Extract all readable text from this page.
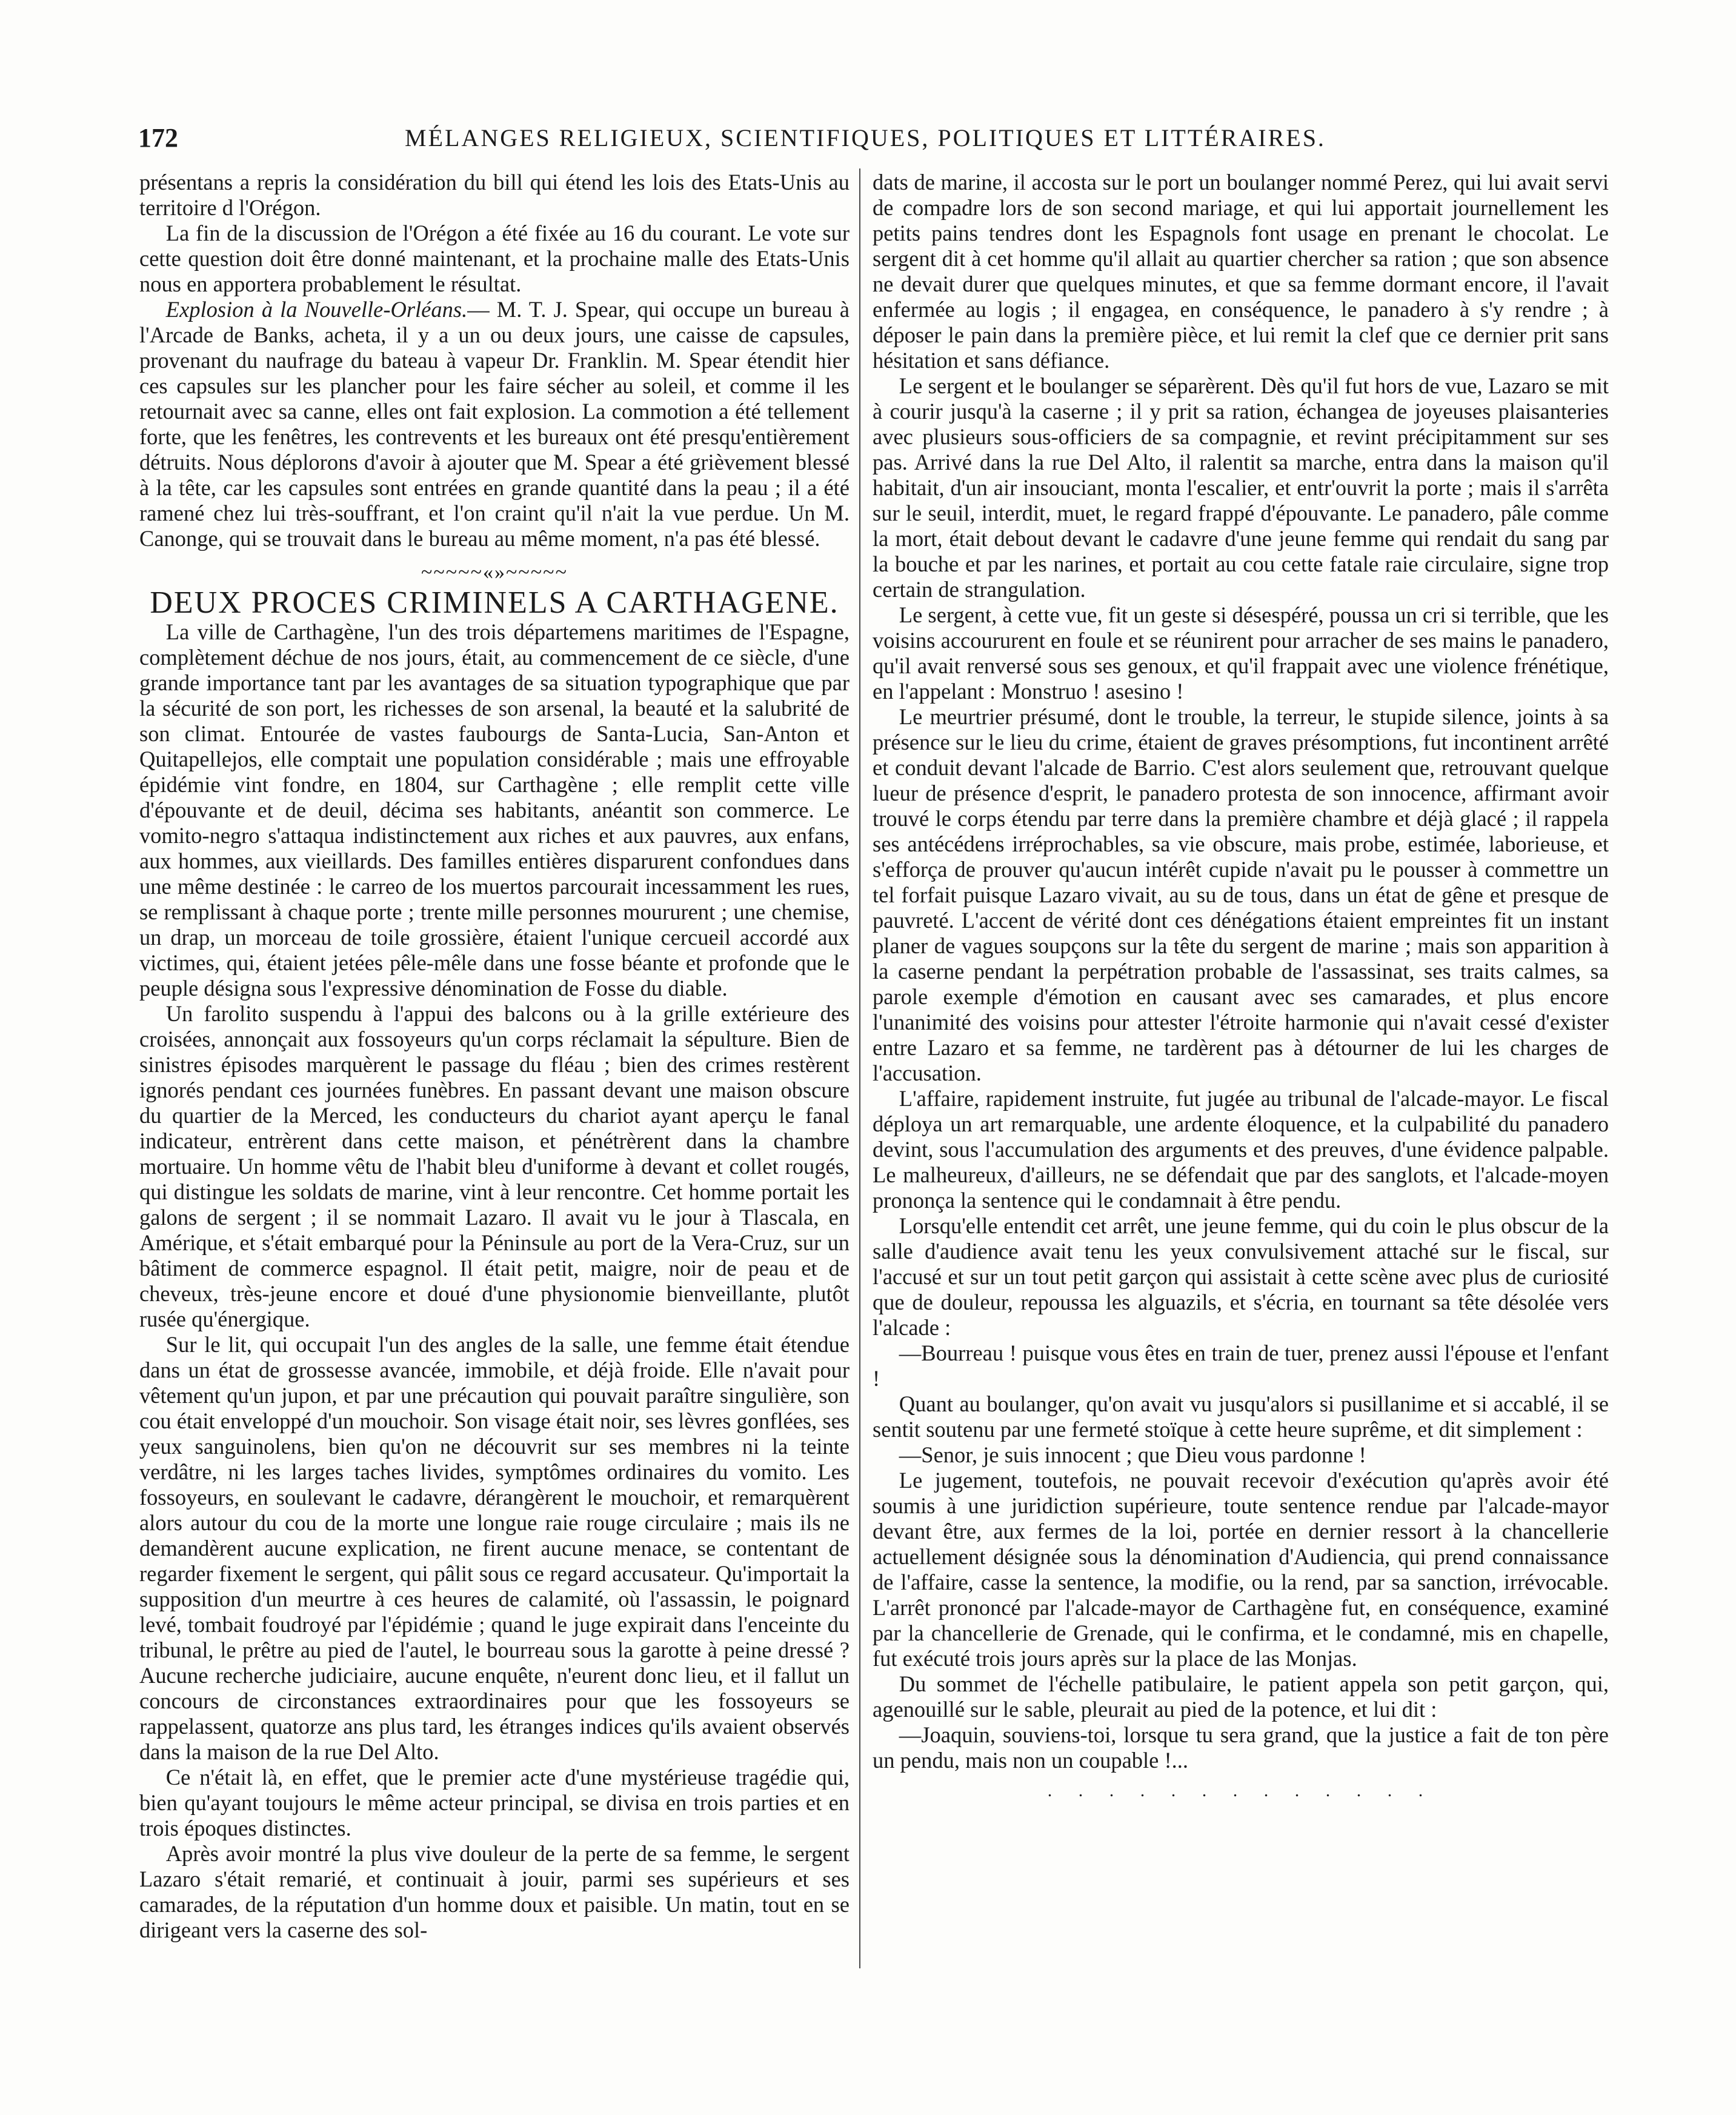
172	MÉLANGES RELIGIEUX, SCIENTIFIQUES, POLITIQUES ET LITTÉRAIRES.

présentans a repris la considération du bill qui étend les lois des Etats-Unis au territoire d l'Orégon.

La fin de la discussion de l'Orégon a été fixée au 16 du courant. Le vote sur cette question doit être donné maintenant, et la prochaine malle des Etats-Unis nous en apportera probablement le résultat.

Explosion à la Nouvelle-Orléans.— M. T. J. Spear, qui occupe un bureau à l'Arcade de Banks, acheta, il y a un ou deux jours, une caisse de capsules, provenant du naufrage du bateau à vapeur Dr. Franklin. M. Spear étendit hier ces capsules sur les plancher pour les faire sécher au soleil, et comme il les retournait avec sa canne, elles ont fait explosion. La commotion a été tellement forte, que les fenêtres, les contrevents et les bureaux ont été presqu'entièrement détruits. Nous déplorons d'avoir à ajouter que M. Spear a été grièvement blessé à la tête, car les capsules sont entrées en grande quantité dans la peau ; il a été ramené chez lui très-souffrant, et l'on craint qu'il n'ait la vue perdue. Un M. Canonge, qui se trouvait dans le bureau au même moment, n'a pas été blessé.

~~~~~«»~~~~~

DEUX PROCES CRIMINELS A CARTHAGENE.

La ville de Carthagène, l'un des trois départemens maritimes de l'Espagne, complètement déchue de nos jours, était, au commencement de ce siècle, d'une grande importance tant par les avantages de sa situation typographique que par la sécurité de son port, les richesses de son arsenal, la beauté et la salubrité de son climat. Entourée de vastes faubourgs de Santa-Lucia, San-Anton et Quitapellejos, elle comptait une population considérable ; mais une effroyable épidémie vint fondre, en 1804, sur Carthagène ; elle remplit cette ville d'épouvante et de deuil, décima ses habitants, anéantit son commerce. Le vomito-negro s'attaqua indistinctement aux riches et aux pauvres, aux enfans, aux hommes, aux vieillards. Des familles entières disparurent confondues dans une même destinée : le carreo de los muertos parcourait incessamment les rues, se remplissant à chaque porte ; trente mille personnes moururent ; une chemise, un drap, un morceau de toile grossière, étaient l'unique cercueil accordé aux victimes, qui, étaient jetées pêle-mêle dans une fosse béante et profonde que le peuple désigna sous l'expressive dénomination de Fosse du diable.

Un farolito suspendu à l'appui des balcons ou à la grille extérieure des croisées, annonçait aux fossoyeurs qu'un corps réclamait la sépulture. Bien de sinistres épisodes marquèrent le passage du fléau ; bien des crimes restèrent ignorés pendant ces journées funèbres. En passant devant une maison obscure du quartier de la Merced, les conducteurs du chariot ayant aperçu le fanal indicateur, entrèrent dans cette maison, et pénétrèrent dans la chambre mortuaire. Un homme vêtu de l'habit bleu d'uniforme à devant et collet rougés, qui distingue les soldats de marine, vint à leur rencontre. Cet homme portait les galons de sergent ; il se nommait Lazaro. Il avait vu le jour à Tlascala, en Amérique, et s'était embarqué pour la Péninsule au port de la Vera-Cruz, sur un bâtiment de commerce espagnol. Il était petit, maigre, noir de peau et de cheveux, très-jeune encore et doué d'une physionomie bienveillante, plutôt rusée qu'énergique.

Sur le lit, qui occupait l'un des angles de la salle, une femme était étendue dans un état de grossesse avancée, immobile, et déjà froide. Elle n'avait pour vêtement qu'un jupon, et par une précaution qui pouvait paraître singulière, son cou était enveloppé d'un mouchoir. Son visage était noir, ses lèvres gonflées, ses yeux sanguinolens, bien qu'on ne découvrit sur ses membres ni la teinte verdâtre, ni les larges taches livides, symptômes ordinaires du vomito. Les fossoyeurs, en soulevant le cadavre, dérangèrent le mouchoir, et remarquèrent alors autour du cou de la morte une longue raie rouge circulaire ; mais ils ne demandèrent aucune explication, ne firent aucune menace, se contentant de regarder fixement le sergent, qui pâlit sous ce regard accusateur. Qu'importait la supposition d'un meurtre à ces heures de calamité, où l'assassin, le poignard levé, tombait foudroyé par l'épidémie ; quand le juge expirait dans l'enceinte du tribunal, le prêtre au pied de l'autel, le bourreau sous la garotte à peine dressé ? Aucune recherche judiciaire, aucune enquête, n'eurent donc lieu, et il fallut un concours de circonstances extraordinaires pour que les fossoyeurs se rappelassent, quatorze ans plus tard, les étranges indices qu'ils avaient observés dans la maison de la rue Del Alto.

Ce n'était là, en effet, que le premier acte d'une mystérieuse tragédie qui, bien qu'ayant toujours le même acteur principal, se divisa en trois parties et en trois époques distinctes.

Après avoir montré la plus vive douleur de la perte de sa femme, le sergent Lazaro s'était remarié, et continuait à jouir, parmi ses supérieurs et ses camarades, de la réputation d'un homme doux et paisible. Un matin, tout en se dirigeant vers la caserne des sol-

dats de marine, il accosta sur le port un boulanger nommé Perez, qui lui avait servi de compadre lors de son second mariage, et qui lui apportait journellement les petits pains tendres dont les Espagnols font usage en prenant le chocolat. Le sergent dit à cet homme qu'il allait au quartier chercher sa ration ; que son absence ne devait durer que quelques minutes, et que sa femme dormant encore, il l'avait enfermée au logis ; il engagea, en conséquence, le panadero à s'y rendre ; à déposer le pain dans la première pièce, et lui remit la clef que ce dernier prit sans hésitation et sans défiance.

Le sergent et le boulanger se séparèrent. Dès qu'il fut hors de vue, Lazaro se mit à courir jusqu'à la caserne ; il y prit sa ration, échangea de joyeuses plaisanteries avec plusieurs sous-officiers de sa compagnie, et revint précipitamment sur ses pas. Arrivé dans la rue Del Alto, il ralentit sa marche, entra dans la maison qu'il habitait, d'un air insouciant, monta l'escalier, et entr'ouvrit la porte ; mais il s'arrêta sur le seuil, interdit, muet, le regard frappé d'épouvante. Le panadero, pâle comme la mort, était debout devant le cadavre d'une jeune femme qui rendait du sang par la bouche et par les narines, et portait au cou cette fatale raie circulaire, signe trop certain de strangulation.

Le sergent, à cette vue, fit un geste si désespéré, poussa un cri si terrible, que les voisins accoururent en foule et se réunirent pour arracher de ses mains le panadero, qu'il avait renversé sous ses genoux, et qu'il frappait avec une violence frénétique, en l'appelant : Monstruo ! asesino !

Le meurtrier présumé, dont le trouble, la terreur, le stupide silence, joints à sa présence sur le lieu du crime, étaient de graves présomptions, fut incontinent arrêté et conduit devant l'alcade de Barrio. C'est alors seulement que, retrouvant quelque lueur de présence d'esprit, le panadero protesta de son innocence, affirmant avoir trouvé le corps étendu par terre dans la première chambre et déjà glacé ; il rappela ses antécédens irréprochables, sa vie obscure, mais probe, estimée, laborieuse, et s'efforça de prouver qu'aucun intérêt cupide n'avait pu le pousser à commettre un tel forfait puisque Lazaro vivait, au su de tous, dans un état de gêne et presque de pauvreté. L'accent de vérité dont ces dénégations étaient empreintes fit un instant planer de vagues soupçons sur la tête du sergent de marine ; mais son apparition à la caserne pendant la perpétration probable de l'assassinat, ses traits calmes, sa parole exemple d'émotion en causant avec ses camarades, et plus encore l'unanimité des voisins pour attester l'étroite harmonie qui n'avait cessé d'exister entre Lazaro et sa femme, ne tardèrent pas à détourner de lui les charges de l'accusation.

L'affaire, rapidement instruite, fut jugée au tribunal de l'alcade-mayor. Le fiscal déploya un art remarquable, une ardente éloquence, et la culpabilité du panadero devint, sous l'accumulation des arguments et des preuves, d'une évidence palpable. Le malheureux, d'ailleurs, ne se défendait que par des sanglots, et l'alcade-moyen prononça la sentence qui le condamnait à être pendu.

Lorsqu'elle entendit cet arrêt, une jeune femme, qui du coin le plus obscur de la salle d'audience avait tenu les yeux convulsivement attaché sur le fiscal, sur l'accusé et sur un tout petit garçon qui assistait à cette scène avec plus de curiosité que de douleur, repoussa les alguazils, et s'écria, en tournant sa tête désolée vers l'alcade :

—Bourreau ! puisque vous êtes en train de tuer, prenez aussi l'épouse et l'enfant !

Quant au boulanger, qu'on avait vu jusqu'alors si pusillanime et si accablé, il se sentit soutenu par une fermeté stoïque à cette heure suprême, et dit simplement :

—Senor, je suis innocent ; que Dieu vous pardonne !

Le jugement, toutefois, ne pouvait recevoir d'exécution qu'après avoir été soumis à une juridiction supérieure, toute sentence rendue par l'alcade-mayor devant être, aux fermes de la loi, portée en dernier ressort à la chancellerie actuellement désignée sous la dénomination d'Audiencia, qui prend connaissance de l'affaire, casse la sentence, la modifie, ou la rend, par sa sanction, irrévocable. L'arrêt prononcé par l'alcade-mayor de Carthagène fut, en conséquence, examiné par la chancellerie de Grenade, qui le confirma, et le condamné, mis en chapelle, fut exécuté trois jours après sur la place de las Monjas.

Du sommet de l'échelle patibulaire, le patient appela son petit garçon, qui, agenouillé sur le sable, pleurait au pied de la potence, et lui dit :

—Joaquin, souviens-toi, lorsque tu sera grand, que la justice a fait de ton père un pendu, mais non un coupable !...

. . . . . . . . . . . . .
